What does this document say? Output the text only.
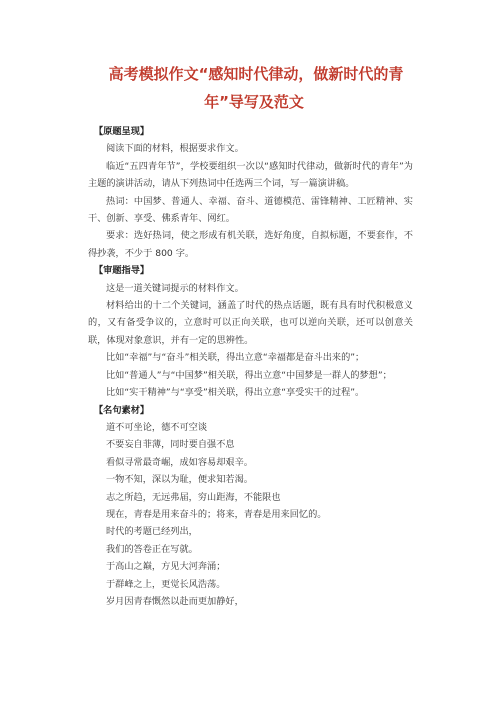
高考模拟作文“感知时代律动，做新时代的青
年”导写及范文

【原题呈现】

阅读下面的材料，根据要求作文。

临近“五四青年节”，学校要组织一次以“感知时代律动，做新时代的青年”为主题的演讲活动，请从下列热词中任选两三个词，写一篇演讲稿。

热词：中国梦、普通人、幸福、奋斗、道德模范、雷锋精神、工匠精神、实干、创新、享受、佛系青年、网红。

要求：选好热词，使之形成有机关联，选好角度，自拟标题，不要套作，不得抄袭，不少于 800 字。

【审题指导】

这是一道关键词提示的材料作文。

材料给出的十二个关键词，涵盖了时代的热点话题，既有具有时代积极意义的，又有备受争议的，立意时可以正向关联，也可以逆向关联，还可以创意关联，体现对象意识，并有一定的思辨性。

比如“幸福”与“奋斗”相关联，得出立意“幸福都是奋斗出来的”；

比如“普通人”与“中国梦”相关联，得出立意“中国梦是一群人的梦想”；

比如“实干精神”与“享受”相关联，得出立意“享受实干的过程”。

【名句素材】

道不可坐论，德不可空谈

不要妄自菲薄，同时要自强不息

看似寻常最奇崛，成如容易却艰辛。

一物不知，深以为耻，便求知若渴。

志之所趋，无远弗届，穷山距海，不能限也

现在，青春是用来奋斗的；将来，青春是用来回忆的。

时代的考题已经列出，

我们的答卷正在写就。

于高山之巅，方见大河奔涌；

于群峰之上，更觉长风浩荡。

岁月因青春慨然以赴而更加静好，
